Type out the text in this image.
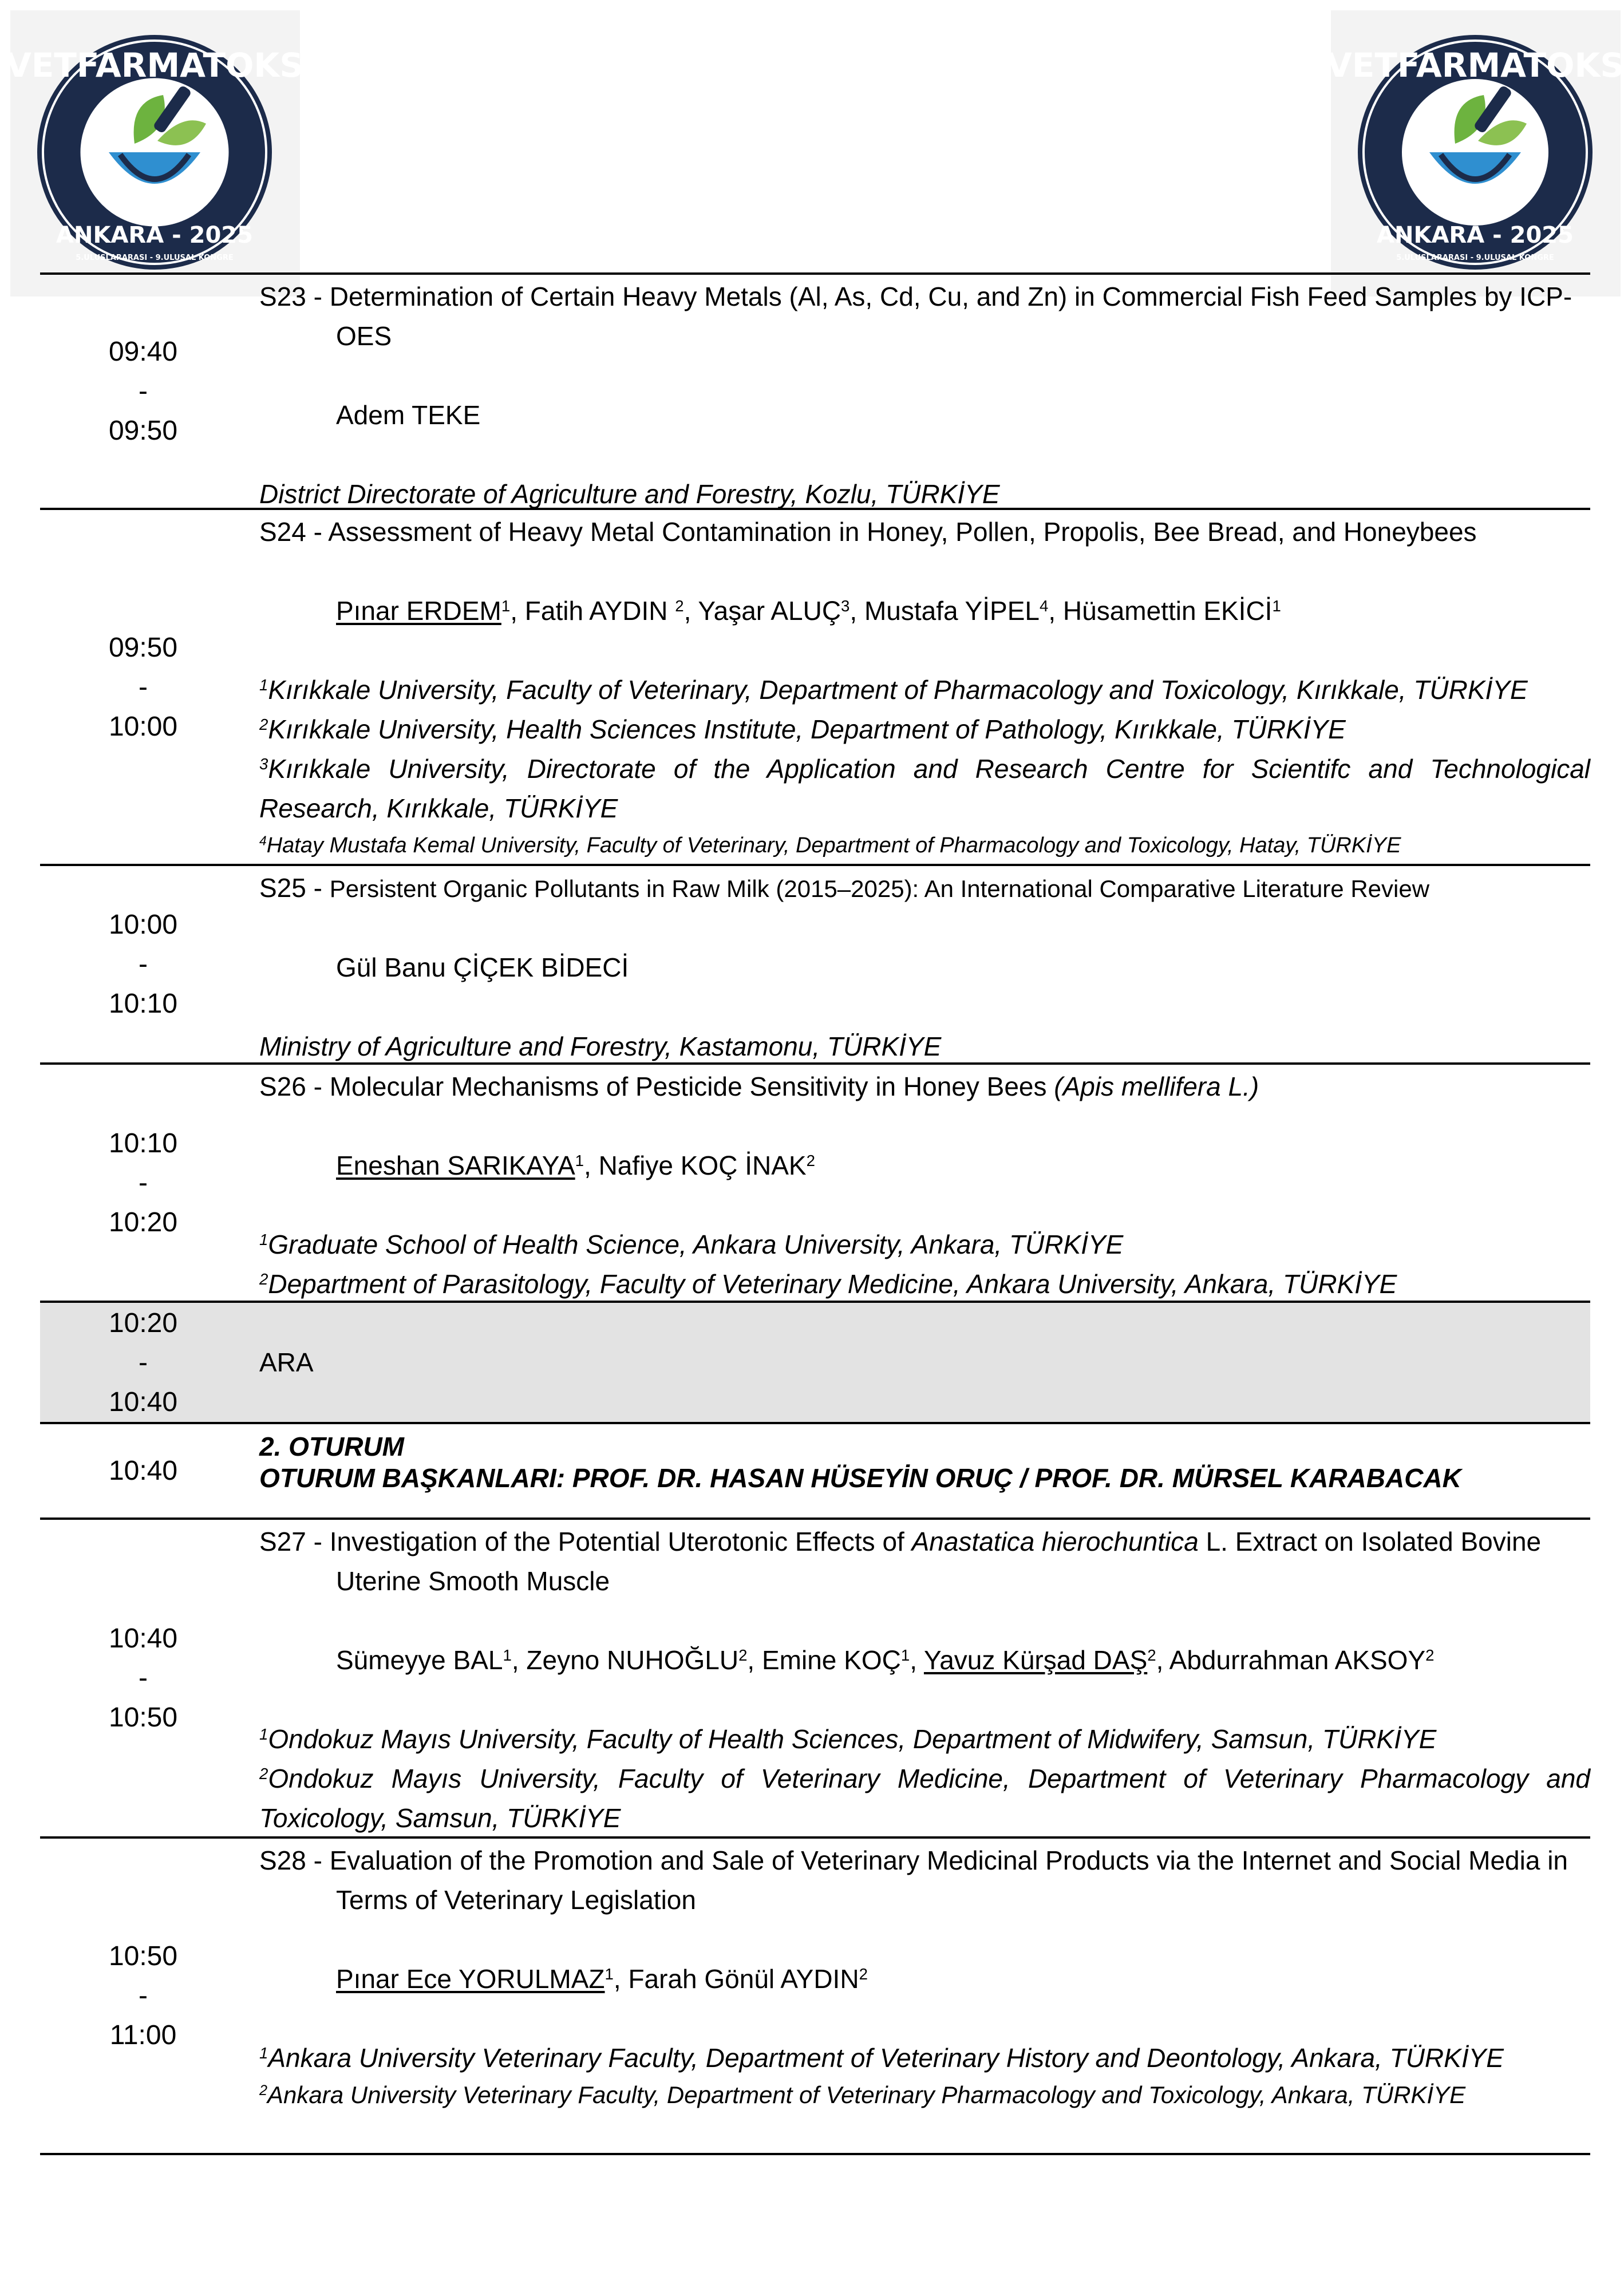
VETFARMATOKS
ANKARA - 2025
5.ULUSLARARASI - 9.ULUSAL KONGRE
VETFARMATOKS
ANKARA - 2025
5.ULUSLARARASI - 9.ULUSAL KONGRE
09:40
-
09:50
S23 - Determination of Certain Heavy Metals (Al, As, Cd, Cu, and Zn) in Commercial Fish Feed Samples by ICP-OES
Adem TEKE
District Directorate of Agriculture and Forestry, Kozlu, TÜRKİYE
09:50
-
10:00
S24 - Assessment of Heavy Metal Contamination in Honey, Pollen, Propolis, Bee Bread, and Honeybees
Pınar ERDEM$^1$, Fatih AYDIN $^2$, Yaşar ALUÇ$^3$, Mustafa YİPEL$^4$, Hüsamettin EKİCİ$^1$
$^1$Kırıkkale University, Faculty of Veterinary, Department of Pharmacology and Toxicology, Kırıkkale, TÜRKİYE
$^2$Kırıkkale University, Health Sciences Institute, Department of Pathology, Kırıkkale, TÜRKİYE
$^3$Kırıkkale University, Directorate of the Application and Research Centre for Scientifc and Technological Research, Kırıkkale, TÜRKİYE
$^4$Hatay Mustafa Kemal University, Faculty of Veterinary, Department of Pharmacology and Toxicology, Hatay, TÜRKİYE
10:00
-
10:10
S25 - Persistent Organic Pollutants in Raw Milk (2015–2025): An International Comparative Literature Review
Gül Banu ÇİÇEK BİDECİ
Ministry of Agriculture and Forestry, Kastamonu, TÜRKİYE
10:10
-
10:20
S26 - Molecular Mechanisms of Pesticide Sensitivity in Honey Bees (Apis mellifera L.)
Eneshan SARIKAYA$^1$, Nafiye KOÇ İNAK$^2$
$^1$Graduate School of Health Science, Ankara University, Ankara, TÜRKİYE
$^2$Department of Parasitology, Faculty of Veterinary Medicine, Ankara University, Ankara, TÜRKİYE
10:20
-
10:40
ARA
10:40
2. OTURUM
OTURUM BAŞKANLARI: PROF. DR. HASAN HÜSEYİN ORUÇ / PROF. DR. MÜRSEL KARABACAK
10:40
-
10:50
S27 - Investigation of the Potential Uterotonic Effects of Anastatica hierochuntica L. Extract on Isolated Bovine Uterine Smooth Muscle
Sümeyye BAL$^1$, Zeyno NUHOĞLU$^2$, Emine KOÇ$^1$, Yavuz Kürşad DAŞ$^2$, Abdurrahman AKSOY$^2$
$^1$Ondokuz Mayıs University, Faculty of Health Sciences, Department of Midwifery, Samsun, TÜRKİYE
$^2$Ondokuz Mayıs University, Faculty of Veterinary Medicine, Department of Veterinary Pharmacology and Toxicology, Samsun, TÜRKİYE
10:50
-
11:00
S28 - Evaluation of the Promotion and Sale of Veterinary Medicinal Products via the Internet and Social Media in Terms of Veterinary Legislation
Pınar Ece YORULMAZ$^1$, Farah Gönül AYDIN$^2$
$^1$Ankara University Veterinary Faculty, Department of Veterinary History and Deontology, Ankara, TÜRKİYE
$^2$Ankara University Veterinary Faculty, Department of Veterinary Pharmacology and Toxicology, Ankara, TÜRKİYE
